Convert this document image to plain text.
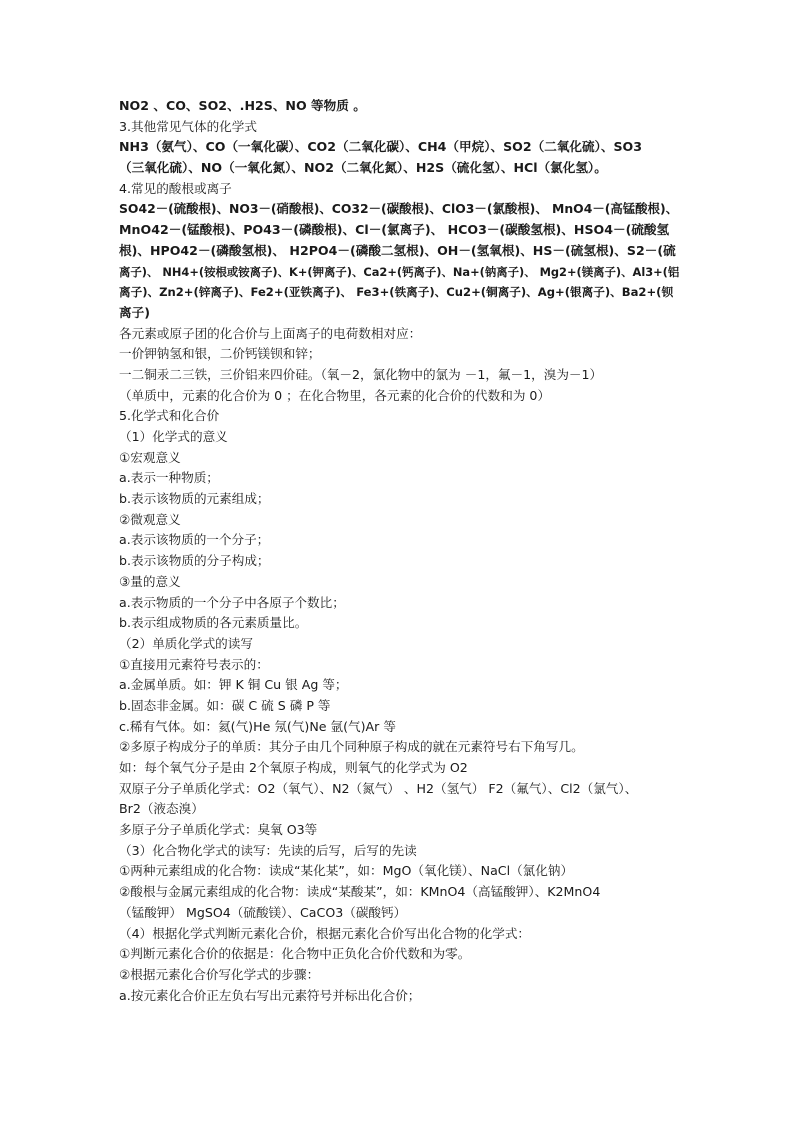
NO2 、CO、SO2、.H2S、NO 等物质 。
3.其他常见气体的化学式
NH3（氨气）、CO（一氧化碳）、CO2（二氧化碳）、CH4（甲烷）、SO2（二氧化硫）、SO3
（三氧化硫）、NO（一氧化氮）、NO2（二氧化氮）、H2S（硫化氢）、HCl（氯化氢）。
4.常见的酸根或离子
SO42－(硫酸根)、NO3－(硝酸根)、CO32－(碳酸根)、ClO3－(氯酸根)、 MnO4－(高锰酸根)、
MnO42－(锰酸根)、PO43－(磷酸根)、Cl－(氯离子)、 HCO3－(碳酸氢根)、HSO4－(硫酸氢
根)、HPO42－(磷酸氢根)、 H2PO4－(磷酸二氢根)、OH－(氢氧根)、HS－(硫氢根)、S2－(硫
离子)、 NH4+(铵根或铵离子)、K+(钾离子)、Ca2+(钙离子)、Na+(钠离子)、 Mg2+(镁离子)、Al3+(铝
离子)、Zn2+(锌离子)、Fe2+(亚铁离子)、 Fe3+(铁离子)、Cu2+(铜离子)、Ag+(银离子)、Ba2+(钡
离子)
各元素或原子团的化合价与上面离子的电荷数相对应：
一价钾钠氢和银，二价钙镁钡和锌；
一二铜汞二三铁，三价铝来四价硅。（氧－2，氯化物中的氯为 －1，氟－1，溴为－1）
（单质中，元素的化合价为 0 ；在化合物里，各元素的化合价的代数和为 0）
5.化学式和化合价
（1）化学式的意义
①宏观意义
a.表示一种物质；
b.表示该物质的元素组成；
②微观意义
a.表示该物质的一个分子；
b.表示该物质的分子构成；
③量的意义
a.表示物质的一个分子中各原子个数比；
b.表示组成物质的各元素质量比。
（2）单质化学式的读写
①直接用元素符号表示的：
a.金属单质。如：钾 K 铜 Cu 银 Ag 等；
b.固态非金属。如：碳 C 硫 S 磷 P 等
c.稀有气体。如：氦(气)He 氖(气)Ne 氩(气)Ar 等
②多原子构成分子的单质：其分子由几个同种原子构成的就在元素符号右下角写几。
如：每个氧气分子是由 2个氧原子构成，则氧气的化学式为 O2
双原子分子单质化学式：O2（氧气）、N2（氮气） 、H2（氢气） F2（氟气）、Cl2（氯气）、
Br2（液态溴）
多原子分子单质化学式：臭氧 O3等
（3）化合物化学式的读写：先读的后写，后写的先读
①两种元素组成的化合物：读成“某化某”，如：MgO（氧化镁）、NaCl（氯化钠）
②酸根与金属元素组成的化合物：读成“某酸某”，如：KMnO4（高锰酸钾）、K2MnO4
（锰酸钾） MgSO4（硫酸镁）、CaCO3（碳酸钙）
（4）根据化学式判断元素化合价，根据元素化合价写出化合物的化学式：
①判断元素化合价的依据是：化合物中正负化合价代数和为零。
②根据元素化合价写化学式的步骤：
a.按元素化合价正左负右写出元素符号并标出化合价；
